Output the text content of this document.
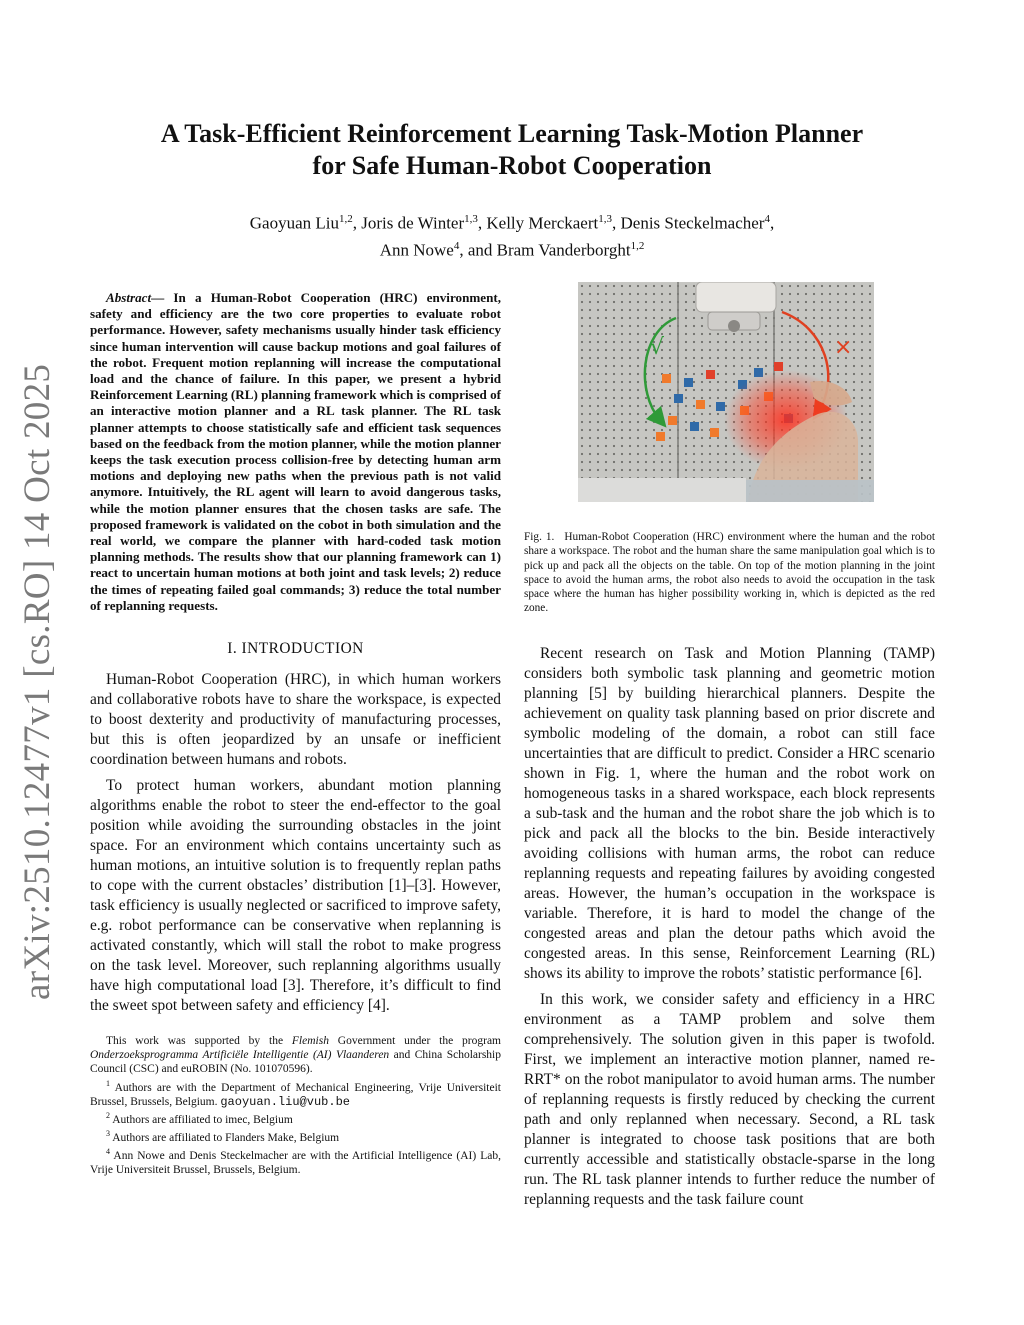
arXiv:2510.12477v1 [cs.RO] 14 Oct 2025
A Task-Efficient Reinforcement Learning Task-Motion Planner
for Safe Human-Robot Cooperation

Gaoyuan Liu$^{1,2}$, Joris de Winter$^{1,3}$, Kelly Merckaert$^{1,3}$, Denis Steckelmacher$^4$,
Ann Nowe$^4$, and Bram Vanderborght$^{1,2}$

Abstract— In a Human-Robot Cooperation (HRC) environment, safety and efficiency are the two core properties to evaluate robot performance. However, safety mechanisms usually hinder task efficiency since human intervention will cause backup motions and goal failures of the robot. Frequent motion replanning will increase the computational load and the chance of failure. In this paper, we present a hybrid Reinforcement Learning (RL) planning framework which is comprised of an interactive motion planner and a RL task planner. The RL task planner attempts to choose statistically safe and efficient task sequences based on the feedback from the motion planner, while the motion planner keeps the task execution process collision-free by detecting human arm motions and deploying new paths when the previous path is not valid anymore. Intuitively, the RL agent will learn to avoid dangerous tasks, while the motion planner ensures that the chosen tasks are safe. The proposed framework is validated on the cobot in both simulation and the real world, we compare the planner with hard-coded task motion planning methods. The results show that our planning framework can 1) react to uncertain human motions at both joint and task levels; 2) reduce the times of repeating failed goal commands; 3) reduce the total number of replanning requests.

I. INTRODUCTION

Human-Robot Cooperation (HRC), in which human workers and collaborative robots have to share the workspace, is expected to boost dexterity and productivity of manufacturing processes, but this is often jeopardized by an unsafe or inefficient coordination between humans and robots.

To protect human workers, abundant motion planning algorithms enable the robot to steer the end-effector to the goal position while avoiding the surrounding obstacles in the joint space. For an environment which contains uncertainty such as human motions, an intuitive solution is to frequently replan paths to cope with the current obstacles’ distribution [1]–[3]. However, task efficiency is usually neglected or sacrificed to improve safety, e.g. robot performance can be conservative when replanning is activated constantly, which will stall the robot to make progress on the task level. Moreover, such replanning algorithms usually have high computational load [3]. Therefore, it’s difficult to find the sweet spot between safety and efficiency [4].

This work was supported by the Flemish Government under the program Onderzoeksprogramma Artificiële Intelligentie (AI) Vlaanderen and China Scholarship Council (CSC) and euROBIN (No. 101070596).

$^1$ Authors are with the Department of Mechanical Engineering, Vrije Universiteit Brussel, Brussels, Belgium. gaoyuan.liu@vub.be

$^2$ Authors are affiliated to imec, Belgium

$^3$ Authors are affiliated to Flanders Make, Belgium

$^4$ Ann Nowe and Denis Steckelmacher are with the Artificial Intelligence (AI) Lab, Vrije Universiteit Brussel, Brussels, Belgium.

√	×

Fig. 1. Human-Robot Cooperation (HRC) environment where the human and the robot share a workspace. The robot and the human share the same manipulation goal which is to pick up and pack all the objects on the table. On top of the motion planning in the joint space to avoid the human arms, the robot also needs to avoid the occupation in the task space where the human has higher possibility working in, which is depicted as the red zone.

Recent research on Task and Motion Planning (TAMP) considers both symbolic task planning and geometric motion planning [5] by building hierarchical planners. Despite the achievement on quality task planning based on prior discrete and symbolic modeling of the domain, a robot can still face uncertainties that are difficult to predict. Consider a HRC scenario shown in Fig. 1, where the human and the robot work on homogeneous tasks in a shared workspace, each block represents a sub-task and the human and the robot share the job which is to pick and pack all the blocks to the bin. Beside interactively avoiding collisions with human arms, the robot can reduce replanning requests and repeating failures by avoiding congested areas. However, the human’s occupation in the workspace is variable. Therefore, it is hard to model the change of the congested areas and plan the detour paths which avoid the congested areas. In this sense, Reinforcement Learning (RL) shows its ability to improve the robots’ statistic performance [6].

In this work, we consider safety and efficiency in a HRC environment as a TAMP problem and solve them comprehensively. The solution given in this paper is twofold. First, we implement an interactive motion planner, named re-RRT* on the robot manipulator to avoid human arms. The number of replanning requests is firstly reduced by checking the current path and only replanned when necessary. Second, a RL task planner is integrated to choose task positions that are both currently accessible and statistically obstacle-sparse in the long run. The RL task planner intends to further reduce the number of replanning requests and the task failure count
